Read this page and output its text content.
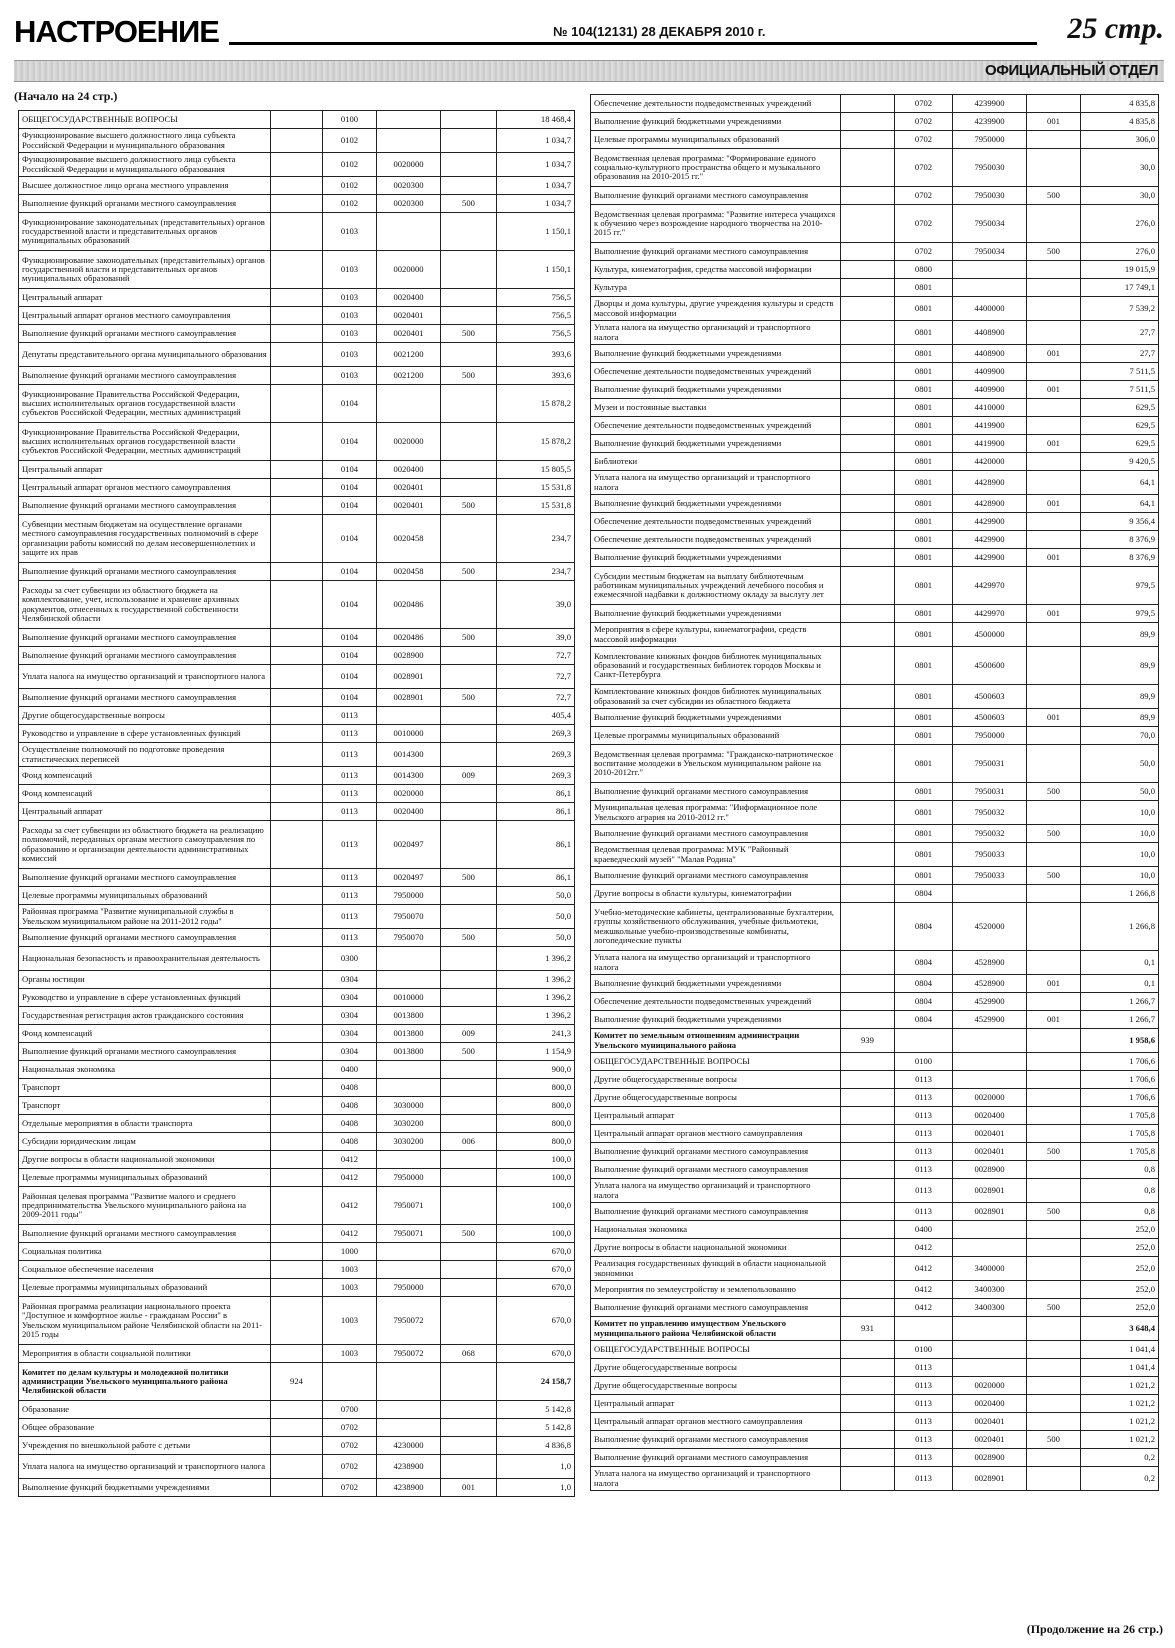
НАСТРОЕНИЕ	№ 104(12131) 28 ДЕКАБРЯ 2010 г.	25 стр.
ОФИЦИАЛЬНЫЙ ОТДЕЛ
(Начало на 24 стр.)
ОБЩЕГОСУДАРСТВЕННЫЕ ВОПРОСЫ		0100			18 468,4
Функционирование высшего должностного лица субъекта Российской Федерации и муниципального образования		0102			1 034,7
Функционирование высшего должностного лица субъекта Российской Федерации и муниципального образования		0102	0020000		1 034,7
Высшее должностное лицо органа местного управления		0102	0020300		1 034,7
Выполнение функций органами местного самоуправления		0102	0020300	500	1 034,7
Функционирование законодательных (представительных) органов государственной власти и представительных органов муниципальных образований		0103			1 150,1
Функционирование законодательных (представительных) органов государственной власти и представительных органов муниципальных образований		0103	0020000		1 150,1
Центральный аппарат		0103	0020400		756,5
Центральный аппарат органов местного самоуправления		0103	0020401		756,5
Выполнение функций органами местного самоуправления		0103	0020401	500	756,5
Депутаты представительного органа муниципального образования		0103	0021200		393,6
Выполнение функций органами местного самоуправления		0103	0021200	500	393,6
Функционирование Правительства Российской Федерации, высших исполнительных органов государственной власти субъектов Российской Федерации, местных администраций		0104			15 878,2
Функционирование Правительства Российской Федерации, высших исполнительных органов государственной власти субъектов Российской Федерации, местных администраций		0104	0020000		15 878,2
Центральный аппарат		0104	0020400		15 805,5
Центральный аппарат органов местного самоуправления		0104	0020401		15 531,8
Выполнение функций органами местного самоуправления		0104	0020401	500	15 531,8
Субвенции местным бюджетам на осуществление органами местного самоуправления государственных полномочий в сфере организации работы комиссий по делам несовершеннолетних и защите их прав		0104	0020458		234,7
Выполнение функций органами местного самоуправления		0104	0020458	500	234,7
Расходы за счет субвенции из областного бюджета на комплектование, учет, использование и хранение архивных документов, отнесенных к государственной собственности Челябинской области		0104	0020486		39,0
Выполнение функций органами местного самоуправления		0104	0020486	500	39,0
Выполнение функций органами местного самоуправления		0104	0028900		72,7
Уплата налога на имущество организаций и транспортного налога		0104	0028901		72,7
Выполнение функций органами местного самоуправления		0104	0028901	500	72,7
Другие общегосударственные вопросы		0113			405,4
Руководство и управление в сфере установленных функций		0113	0010000		269,3
Осуществление полномочий по подготовке проведения статистических переписей		0113	0014300		269,3
Фонд компенсаций		0113	0014300	009	269,3
Фонд компенсаций		0113	0020000		86,1
Центральный аппарат		0113	0020400		86,1
Расходы за счет субвенции из областного бюджета на реализацию полномочий, переданных органам местного самоуправления по образованию и организации деятельности административных комиссий		0113	0020497		86,1
Выполнение функций органами местного самоуправления		0113	0020497	500	86,1
Целевые программы муниципальных образований		0113	7950000		50,0
Районная программа "Развитие муниципальной службы в Увельском муниципальном районе на 2011-2012 годы"		0113	7950070		50,0
Выполнение функций органами местного самоуправления		0113	7950070	500	50,0
Национальная безопасность и правоохранительная деятельность		0300			1 396,2
Органы юстиции		0304			1 396,2
Руководство и управление в сфере установленных функций		0304	0010000		1 396,2
Государственная регистрация актов гражданского состояния		0304	0013800		1 396,2
Фонд компенсаций		0304	0013800	009	241,3
Выполнение функций органами местного самоуправления		0304	0013800	500	1 154,9
Национальная экономика		0400			900,0
Транспорт		0408			800,0
Транспорт		0408	3030000		800,0
Отдельные мероприятия в области транспорта		0408	3030200		800,0
Субсидии юридическим лицам		0408	3030200	006	800,0
Другие вопросы в области национальной экономики		0412			100,0
Целевые программы муниципальных образований		0412	7950000		100,0
Районная целевая программа "Развитие малого и среднего предпринимательства Увельского муниципального района на 2009-2011 годы"		0412	7950071		100,0
Выполнение функций органами местного самоуправления		0412	7950071	500	100,0
Социальная политика		1000			670,0
Социальное обеспечение населения		1003			670,0
Целевые программы муниципальных образований		1003	7950000		670,0
Районная программа реализации национального проекта "Доступное и комфортное жилье - гражданам России" в Увельском муниципальном районе Челябинской области на 2011-2015 годы		1003	7950072		670,0
Мероприятия в области социальной политики		1003	7950072	068	670,0
Комитет по делам культуры и молодежной политики администрации Увельского муниципального района Челябинской области	924				24 158,7
Образование		0700			5 142,8
Общее образование		0702			5 142,8
Учреждения по внешкольной работе с детьми		0702	4230000		4 836,8
Уплата налога на имущество организаций и транспортного налога		0702	4238900		1,0
Выполнение функций бюджетными учреждениями		0702	4238900	001	1,0
Обеспечение деятельности подведомственных учреждений		0702	4239900		4 835,8
Выполнение функций бюджетными учреждениями		0702	4239900	001	4 835,8
Целевые программы муниципальных образований		0702	7950000		306,0
Ведомственная целевая программа: "Формирование единого социально-культурного пространства общего и музыкального образования на 2010-2015 гг."		0702	7950030		30,0
Выполнение функций органами местного самоуправления		0702	7950030	500	30,0
Ведомственная целевая программа: "Развитие интереса учащихся к обучению через возрождение народного творчества на 2010-2015 гг."		0702	7950034		276,0
Выполнение функций органами местного самоуправления		0702	7950034	500	276,0
Культура, кинематография, средства массовой информации		0800			19 015,9
Культура		0801			17 749,1
Дворцы и дома культуры, другие учреждения культуры и средств массовой информации		0801	4400000		7 539,2
Уплата налога на имущество организаций и транспортного налога		0801	4408900		27,7
Выполнение функций бюджетными учреждениями		0801	4408900	001	27,7
Обеспечение деятельности подведомственных учреждений		0801	4409900		7 511,5
Выполнение функций бюджетными учреждениями		0801	4409900	001	7 511,5
Музеи и постоянные выставки		0801	4410000		629,5
Обеспечение деятельности подведомственных учреждений		0801	4419900		629,5
Выполнение функций бюджетными учреждениями		0801	4419900	001	629,5
Библиотеки		0801	4420000		9 420,5
Уплата налога на имущество организаций и транспортного налога		0801	4428900		64,1
Выполнение функций бюджетными учреждениями		0801	4428900	001	64,1
Обеспечение деятельности подведомственных учреждений		0801	4429900		9 356,4
Обеспечение деятельности подведомственных учреждений		0801	4429900		8 376,9
Выполнение функций бюджетными учреждениями		0801	4429900	001	8 376,9
Субсидии местным бюджетам на выплату библиотечным работникам муниципальных учреждений лечебного пособия и ежемесячной надбавки к должностному окладу за выслугу лет		0801	4429970		979,5
Выполнение функций бюджетными учреждениями		0801	4429970	001	979,5
Мероприятия в сфере культуры, кинематографии, средств массовой информации		0801	4500000		89,9
Комплектование книжных фондов библиотек муниципальных образований и государственных библиотек городов Москвы и Санкт-Петербурга		0801	4500600		89,9
Комплектование книжных фондов библиотек муниципальных образований за счет субсидии из областного бюджета		0801	4500603		89,9
Выполнение функций бюджетными учреждениями		0801	4500603	001	89,9
Целевые программы муниципальных образований		0801	7950000		70,0
Ведомственная целевая программа: "Гражданско-патриотическое воспитание молодежи в Увельском муниципальном районе на 2010-2012гг."		0801	7950031		50,0
Выполнение функций органами местного самоуправления		0801	7950031	500	50,0
Муниципальная целевая программа: "Информационное поле Увельского агрария на 2010-2012 гг."		0801	7950032		10,0
Выполнение функций органами местного самоуправления		0801	7950032	500	10,0
Ведомственная целевая программа: МУК "Районный краеведческий музей" "Малая Родина"		0801	7950033		10,0
Выполнение функций органами местного самоуправления		0801	7950033	500	10,0
Другие вопросы в области культуры, кинематографии		0804			1 266,8
Учебно-методические кабинеты, централизованные бухгалтерии, группы хозяйственного обслуживания, учебные фильмотеки, межшкольные учебно-производственные комбинаты, логопедические пункты		0804	4520000		1 266,8
Уплата налога на имущество организаций и транспортного налога		0804	4528900		0,1
Выполнение функций бюджетными учреждениями		0804	4528900	001	0,1
Обеспечение деятельности подведомственных учреждений		0804	4529900		1 266,7
Выполнение функций бюджетными учреждениями		0804	4529900	001	1 266,7
Комитет по земельным отношениям администрации Увельского муниципального района	939				1 958,6
ОБЩЕГОСУДАРСТВЕННЫЕ ВОПРОСЫ		0100			1 706,6
Другие общегосударственные вопросы		0113			1 706,6
Другие общегосударственные вопросы		0113	0020000		1 706,6
Центральный аппарат		0113	0020400		1 705,8
Центральный аппарат органов местного самоуправления		0113	0020401		1 705,8
Выполнение функций органами местного самоуправления		0113	0020401	500	1 705,8
Выполнение функций органами местного самоуправления		0113	0028900		0,8
Уплата налога на имущество организаций и транспортного налога		0113	0028901		0,8
Выполнение функций органами местного самоуправления		0113	0028901	500	0,8
Национальная экономика		0400			252,0
Другие вопросы в области национальной экономики		0412			252,0
Реализация государственных функций в области национальной экономики		0412	3400000		252,0
Мероприятия по землеустройству и землепользованию		0412	3400300		252,0
Выполнение функций органами местного самоуправления		0412	3400300	500	252,0
Комитет по управлению имуществом Увельского муниципального района Челябинской области	931				3 648,4
ОБЩЕГОСУДАРСТВЕННЫЕ ВОПРОСЫ		0100			1 041,4
Другие общегосударственные вопросы		0113			1 041,4
Другие общегосударственные вопросы		0113	0020000		1 021,2
Центральный аппарат		0113	0020400		1 021,2
Центральный аппарат органов местного самоуправления		0113	0020401		1 021,2
Выполнение функций органами местного самоуправления		0113	0020401	500	1 021,2
Выполнение функций органами местного самоуправления		0113	0028900		0,2
Уплата налога на имущество организаций и транспортного налога		0113	0028901		0,2
(Продолжение на 26 стр.)
